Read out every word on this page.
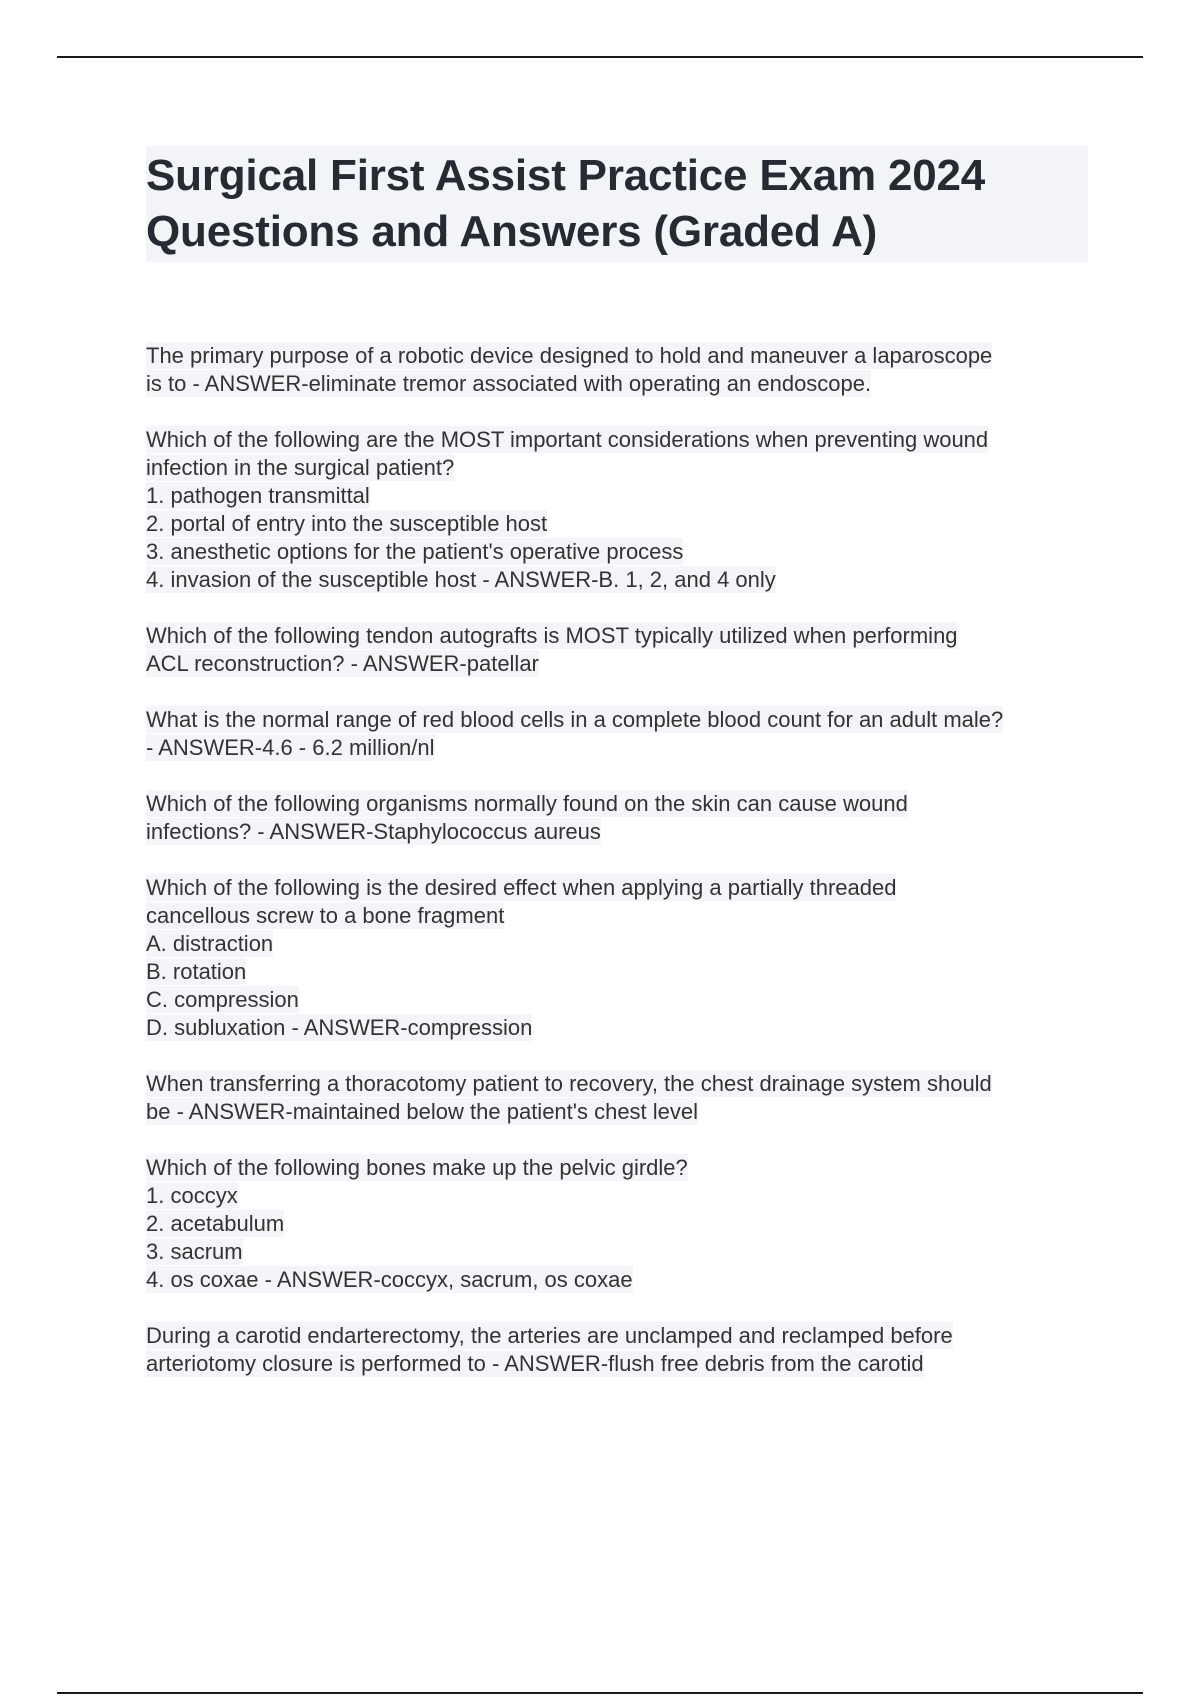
Surgical First Assist Practice Exam 2024
Questions and Answers (Graded A)
The primary purpose of a robotic device designed to hold and maneuver a laparoscope
is to - ANSWER-eliminate tremor associated with operating an endoscope.
Which of the following are the MOST important considerations when preventing wound
infection in the surgical patient?
1. pathogen transmittal
2. portal of entry into the susceptible host
3. anesthetic options for the patient's operative process
4. invasion of the susceptible host - ANSWER-B. 1, 2, and 4 only
Which of the following tendon autografts is MOST typically utilized when performing
ACL reconstruction? - ANSWER-patellar
What is the normal range of red blood cells in a complete blood count for an adult male?
- ANSWER-4.6 - 6.2 million/nl
Which of the following organisms normally found on the skin can cause wound
infections? - ANSWER-Staphylococcus aureus
Which of the following is the desired effect when applying a partially threaded
cancellous screw to a bone fragment
A. distraction
B. rotation
C. compression
D. subluxation - ANSWER-compression
When transferring a thoracotomy patient to recovery, the chest drainage system should
be - ANSWER-maintained below the patient's chest level
Which of the following bones make up the pelvic girdle?
1. coccyx
2. acetabulum
3. sacrum
4. os coxae - ANSWER-coccyx, sacrum, os coxae
During a carotid endarterectomy, the arteries are unclamped and reclamped before
arteriotomy closure is performed to - ANSWER-flush free debris from the carotid
